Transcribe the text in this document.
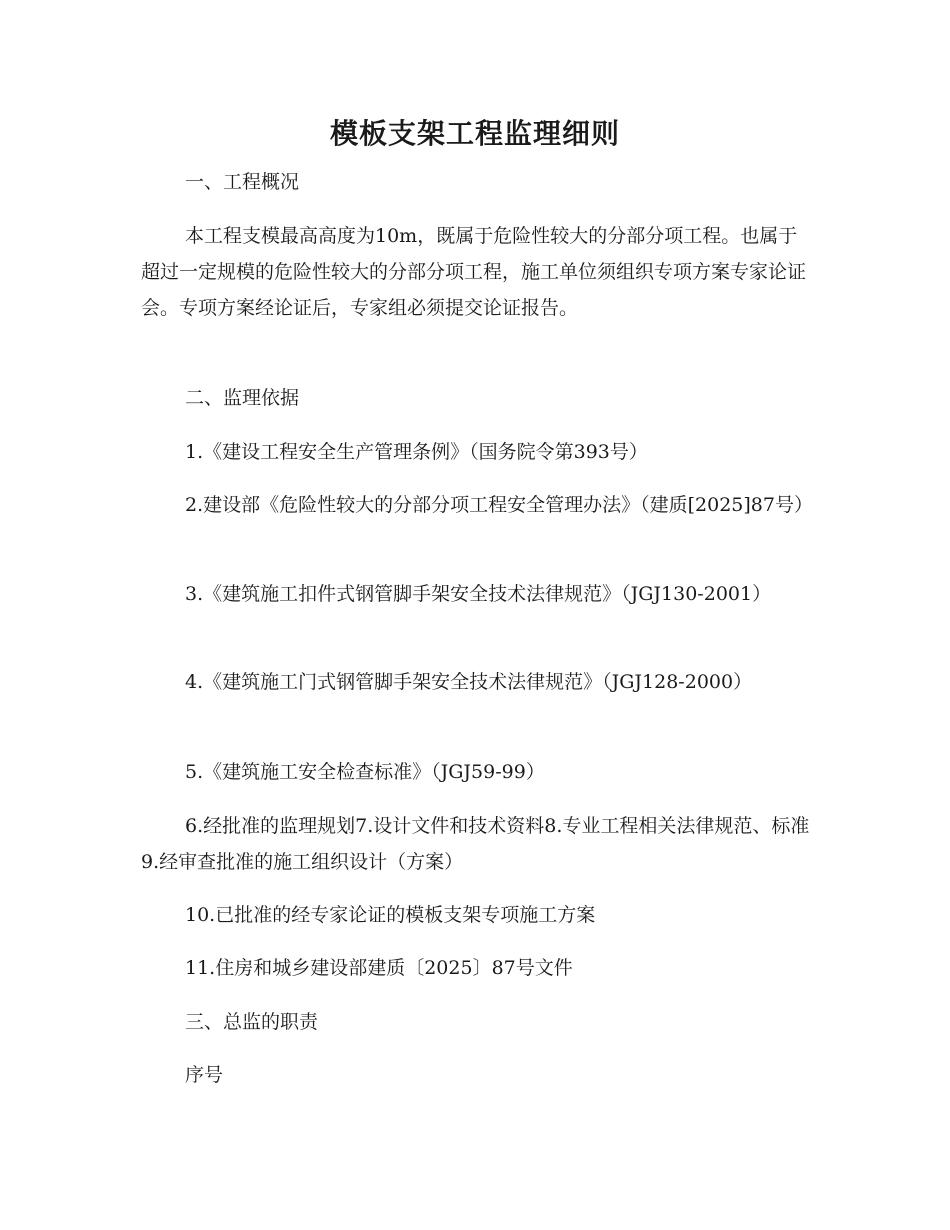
模板支架工程监理细则

一、工程概况

本工程支模最高高度为10m，既属于危险性较大的分部分项工程。也属于超过一定规模的危险性较大的分部分项工程，施工单位须组织专项方案专家论证会。专项方案经论证后，专家组必须提交论证报告。

二、监理依据

1.《建设工程安全生产管理条例》（国务院令第393号）

2.建设部《危险性较大的分部分项工程安全管理办法》（建质[2025]87号）

3.《建筑施工扣件式钢管脚手架安全技术法律规范》（JGJ130-2001）

4.《建筑施工门式钢管脚手架安全技术法律规范》（JGJ128-2000）

5.《建筑施工安全检查标准》（JGJ59-99）

6.经批准的监理规划7.设计文件和技术资料8.专业工程相关法律规范、标准9.经审查批准的施工组织设计（方案）

10.已批准的经专家论证的模板支架专项施工方案

11.住房和城乡建设部建质〔2025〕87号文件

三、总监的职责

序号
